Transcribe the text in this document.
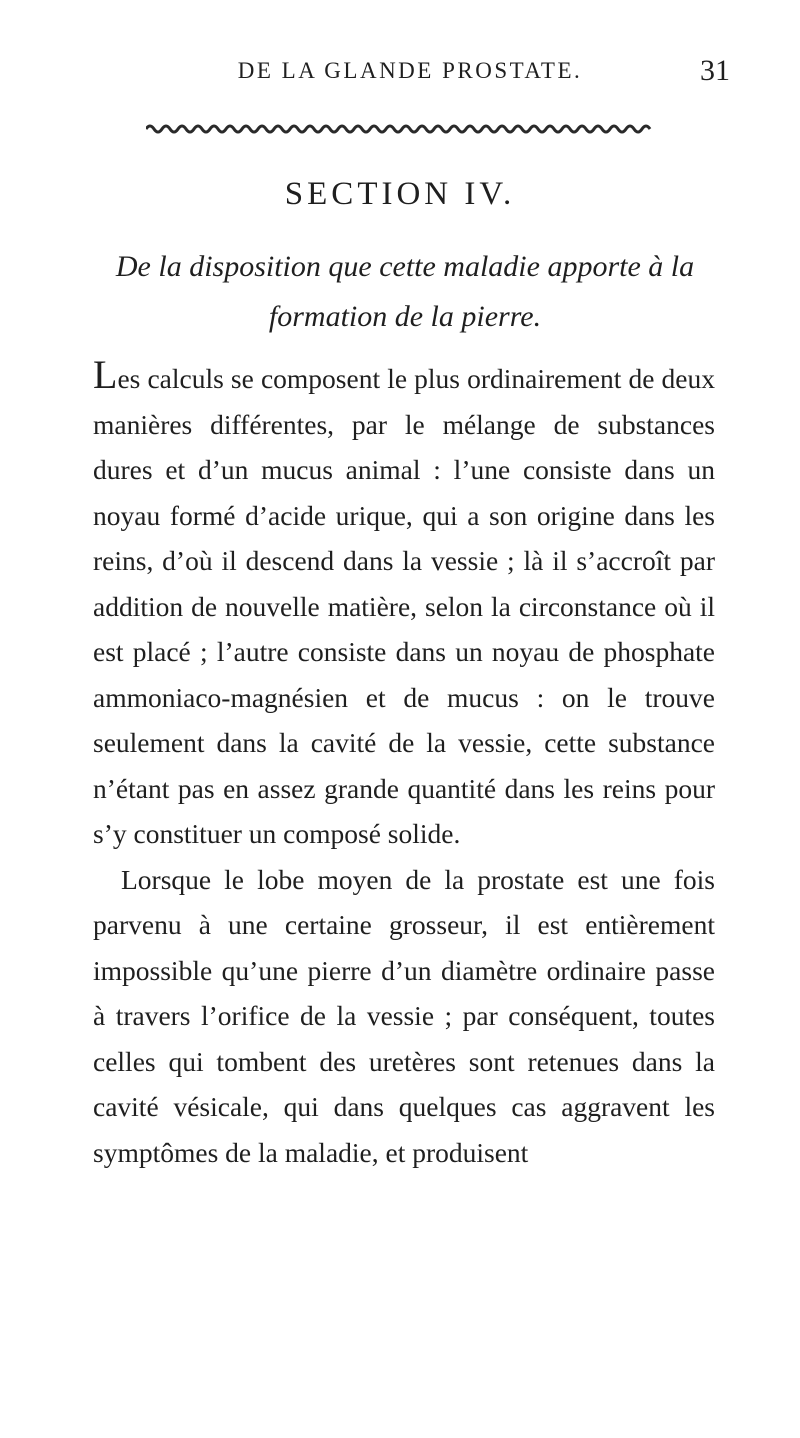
DE LA GLANDE PROSTATE.	31
SECTION IV.
De la disposition que cette maladie apporte à la formation de la pierre.

Les calculs se composent le plus ordinairement de deux manières différentes, par le mélange de substances dures et d’un mucus animal : l’une consiste dans un noyau formé d’acide urique, qui a son origine dans les reins, d’où il descend dans la vessie ; là il s’accroît par addition de nouvelle matière, selon la circonstance où il est placé ; l’autre consiste dans un noyau de phosphate ammoniaco-magnésien et de mucus : on le trouve seulement dans la cavité de la vessie, cette substance n’étant pas en assez grande quantité dans les reins pour s’y constituer un composé solide.

Lorsque le lobe moyen de la prostate est une fois parvenu à une certaine grosseur, il est entièrement impossible qu’une pierre d’un diamètre ordinaire passe à travers l’orifice de la vessie ; par conséquent, toutes celles qui tombent des uretères sont retenues dans la cavité vésicale, qui dans quelques cas aggravent les symptômes de la maladie, et produisent
